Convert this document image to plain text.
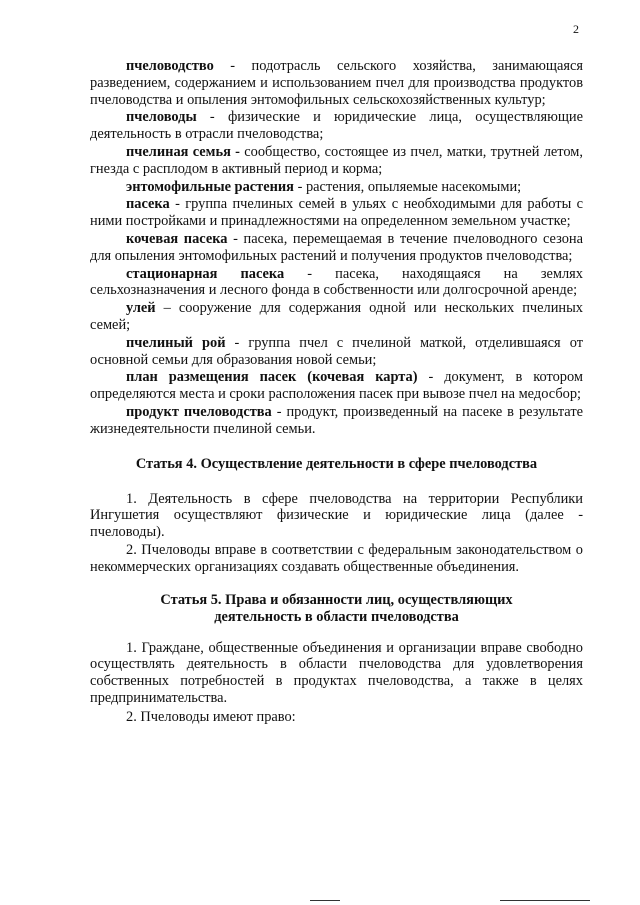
2

пчеловодство - подотрасль сельского хозяйства, занимающаяся разведением, содержанием и использованием пчел для производства продуктов пчеловодства и опыления энтомофильных сельскохозяйственных культур;

пчеловоды - физические и юридические лица, осуществляющие деятельность в отрасли пчеловодства;

пчелиная семья - сообщество, состоящее из пчел, матки, трутней летом, гнезда с расплодом в активный период и корма;

энтомофильные растения - растения, опыляемые насекомыми;

пасека - группа пчелиных семей в ульях с необходимыми для работы с ними постройками и принадлежностями на определенном земельном участке;

кочевая пасека - пасека, перемещаемая в течение пчеловодного сезона для опыления энтомофильных растений и получения продуктов пчеловодства;

стационарная пасека - пасека, находящаяся на землях сельхозназначения и лесного фонда в собственности или долгосрочной аренде;

улей – сооружение для содержания одной или нескольких пчелиных семей;

пчелиный рой - группа пчел с пчелиной маткой, отделившаяся от основной семьи для образования новой семьи;

план размещения пасек (кочевая карта) - документ, в котором определяются места и сроки расположения пасек при вывозе пчел на медосбор;

продукт пчеловодства - продукт, произведенный на пасеке в результате жизнедеятельности пчелиной семьи.

Статья 4. Осуществление деятельности в сфере пчеловодства

1. Деятельность в сфере пчеловодства на территории Республики Ингушетия осуществляют физические и юридические лица (далее - пчеловоды).

2. Пчеловоды вправе в соответствии с федеральным законодательством о некоммерческих организациях создавать общественные объединения.

Статья 5. Права и обязанности лиц, осуществляющих
деятельность в области пчеловодства

1. Граждане, общественные объединения и организации вправе свободно осуществлять деятельность в области пчеловодства для удовлетворения собственных потребностей в продуктах пчеловодства, а также в целях предпринимательства.

2. Пчеловоды имеют право:
